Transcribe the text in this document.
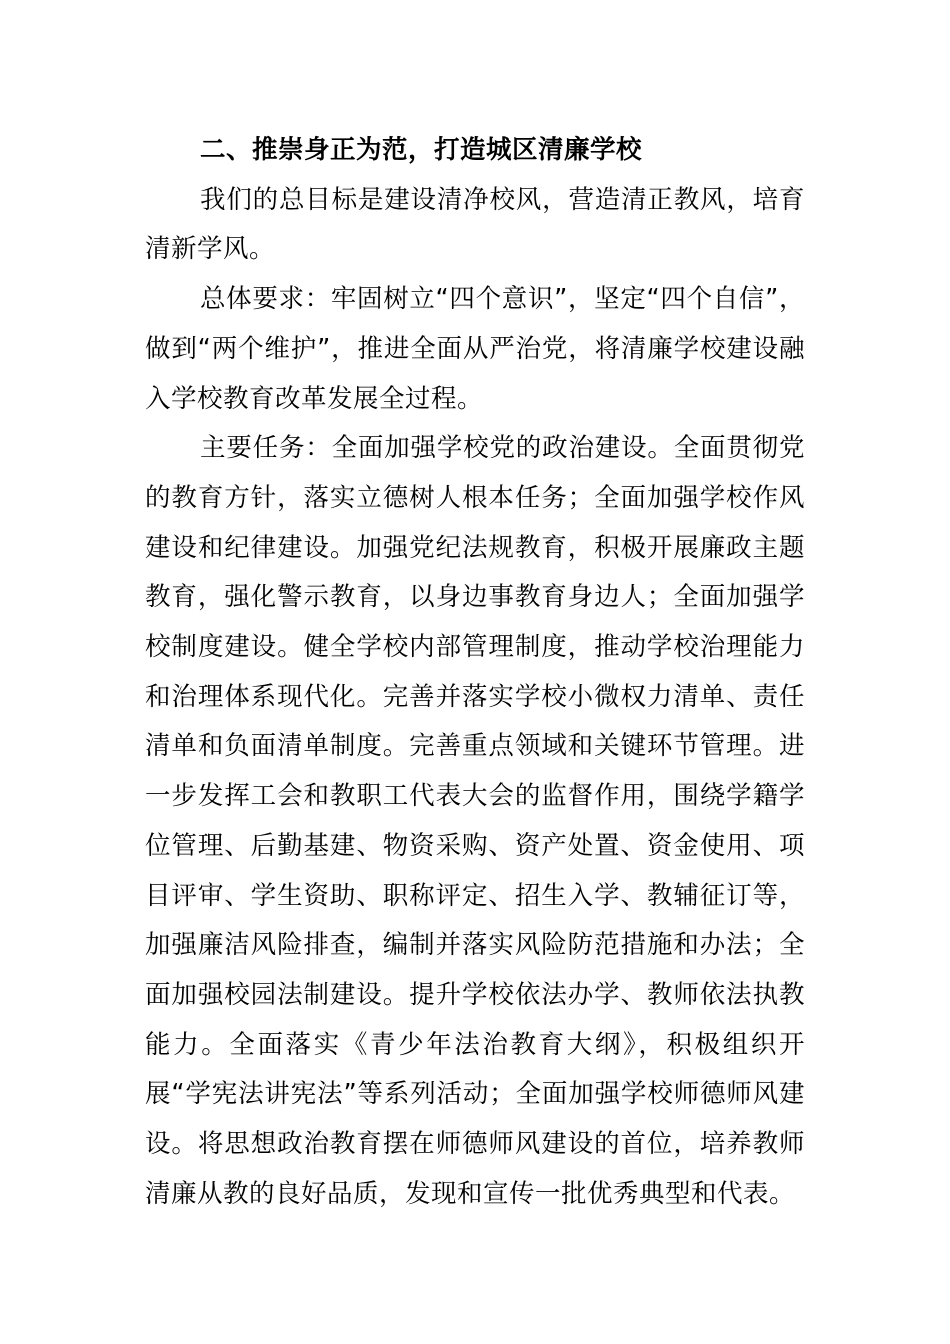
二、推崇身正为范，打造城区清廉学校

我们的总目标是建设清净校风，营造清正教风，培育清新学风。

总体要求：牢固树立“四个意识”，坚定“四个自信”，做到“两个维护”，推进全面从严治党，将清廉学校建设融入学校教育改革发展全过程。

主要任务：全面加强学校党的政治建设。全面贯彻党的教育方针，落实立德树人根本任务；全面加强学校作风建设和纪律建设。加强党纪法规教育，积极开展廉政主题教育，强化警示教育，以身边事教育身边人；全面加强学校制度建设。健全学校内部管理制度，推动学校治理能力和治理体系现代化。完善并落实学校小微权力清单、责任清单和负面清单制度。完善重点领域和关键环节管理。进一步发挥工会和教职工代表大会的监督作用，围绕学籍学位管理、后勤基建、物资采购、资产处置、资金使用、项目评审、学生资助、职称评定、招生入学、教辅征订等，加强廉洁风险排查，编制并落实风险防范措施和办法；全面加强校园法制建设。提升学校依法办学、教师依法执教能力。全面落实《青少年法治教育大纲》，积极组织开展“学宪法讲宪法”等系列活动；全面加强学校师德师风建设。将思想政治教育摆在师德师风建设的首位，培养教师清廉从教的良好品质，发现和宣传一批优秀典型和代表。
